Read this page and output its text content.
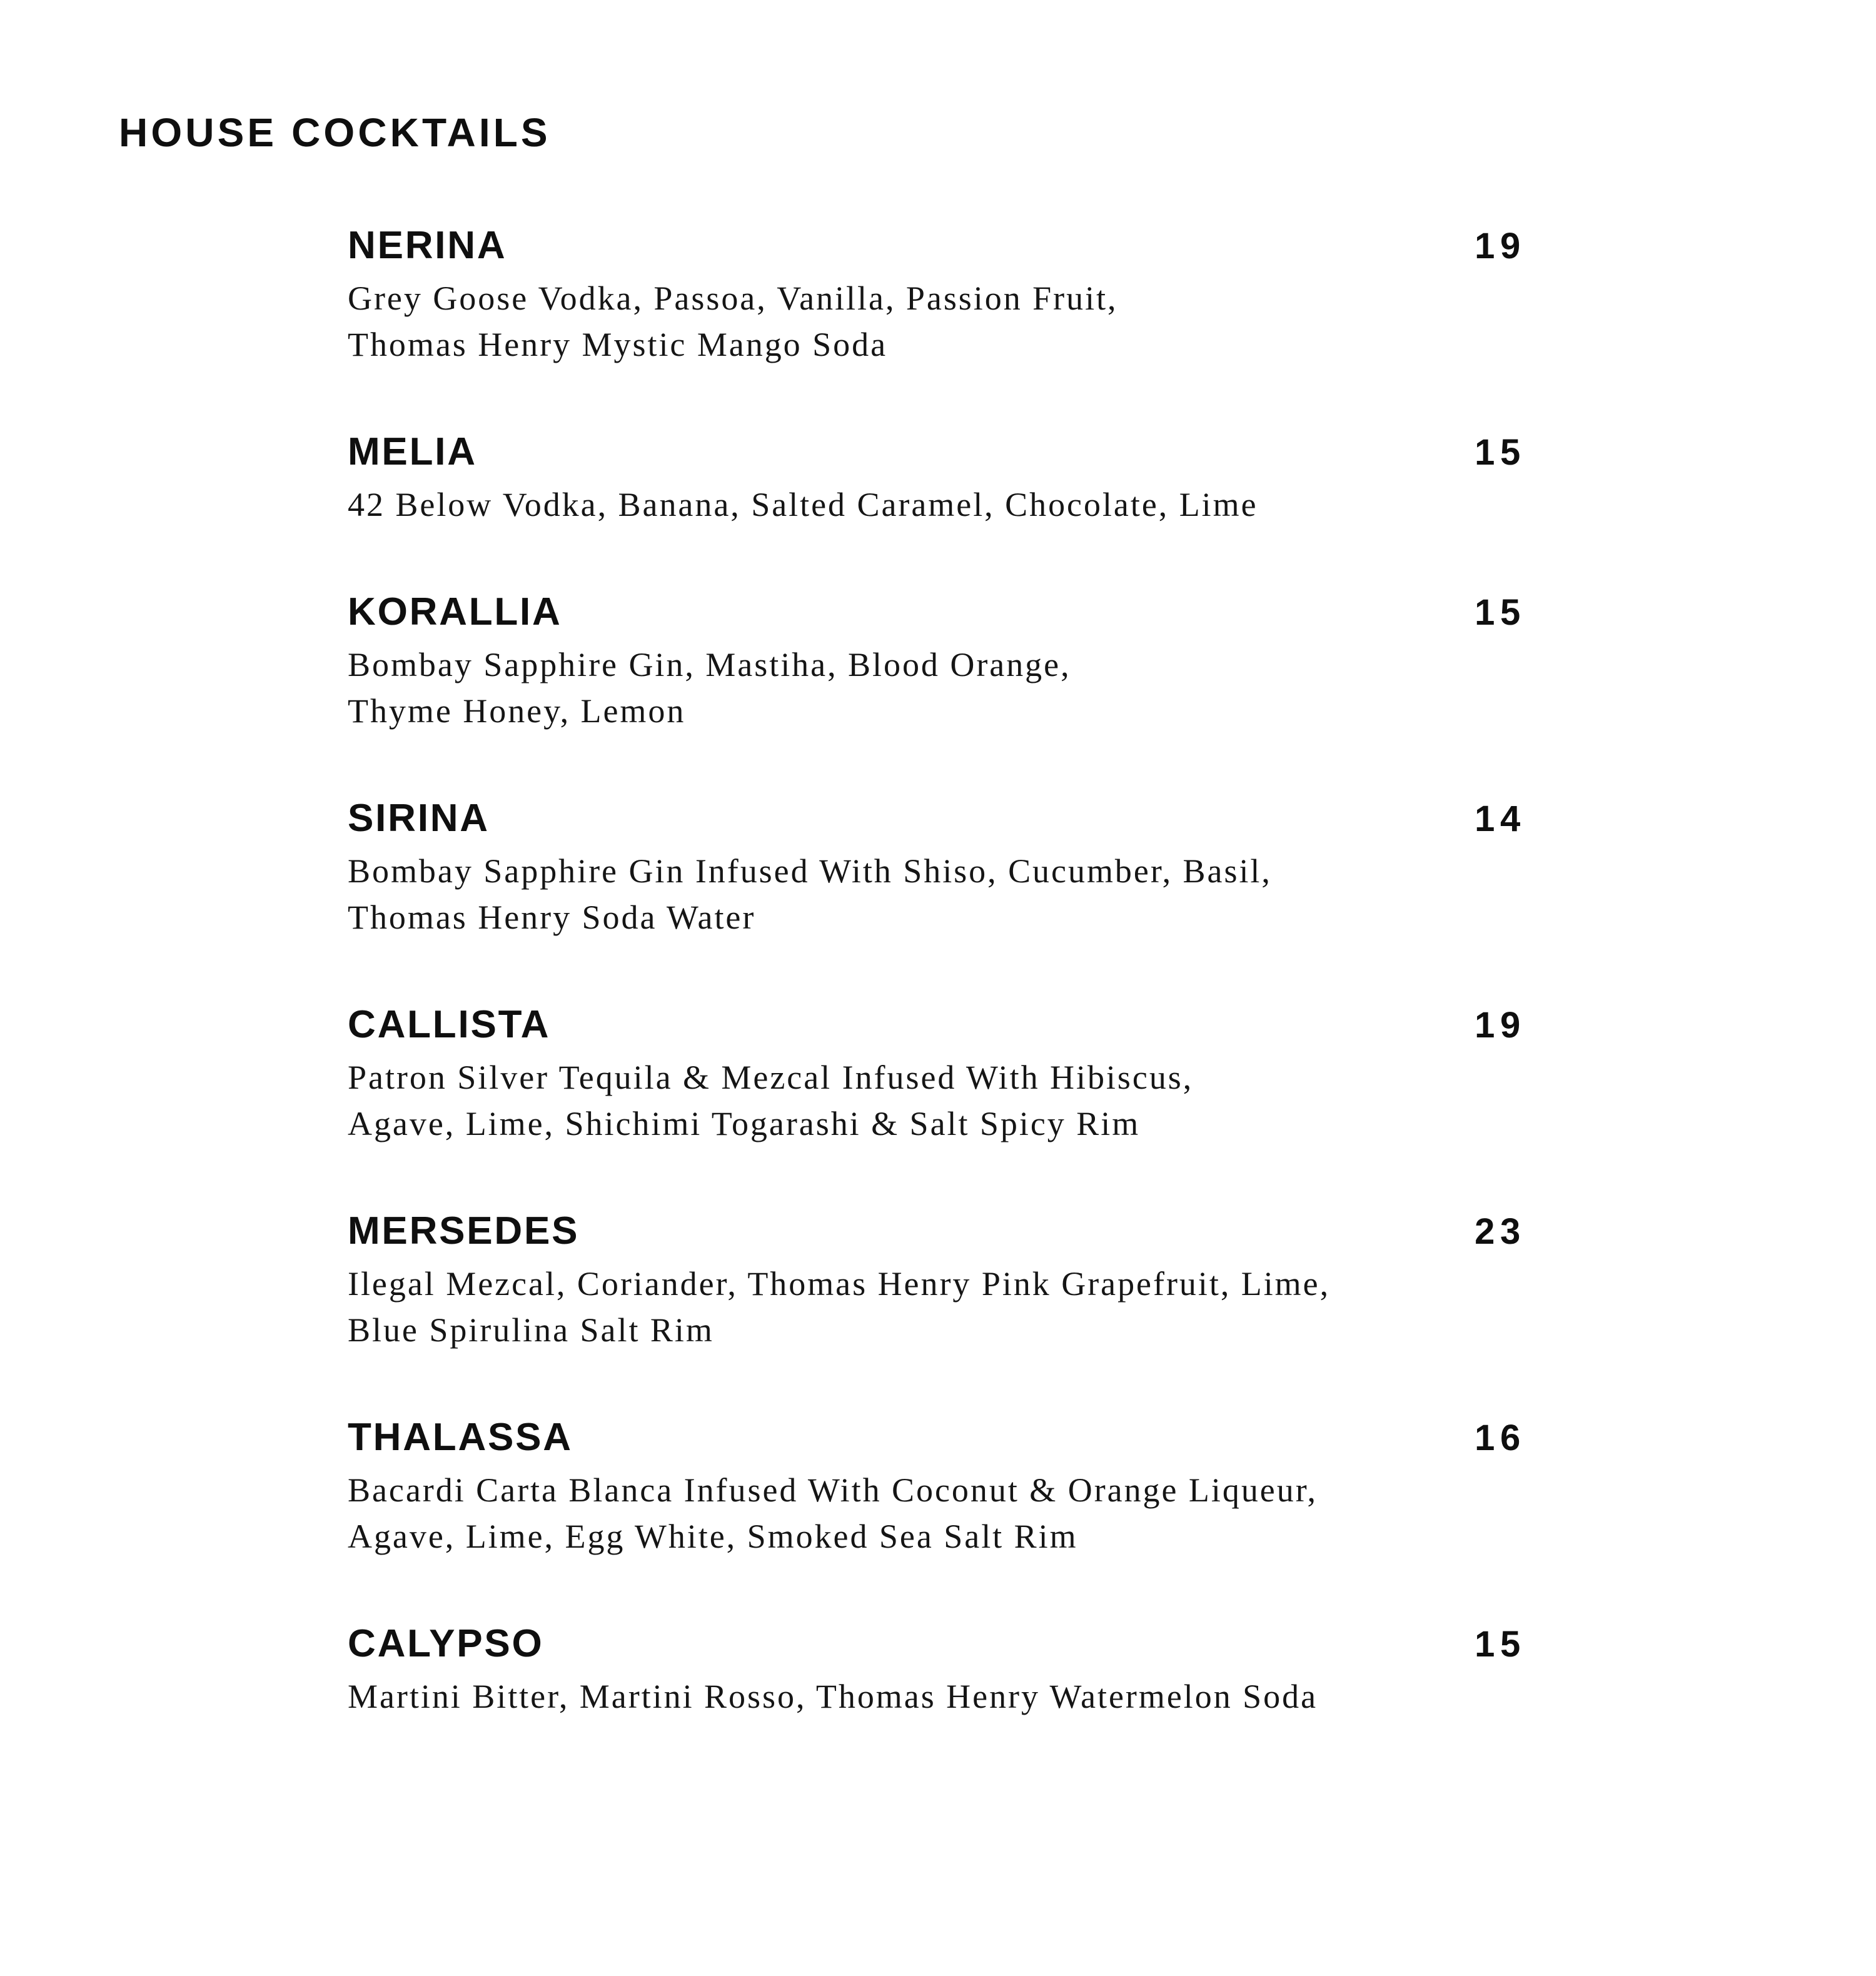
HOUSE COCKTAILS
NERINA	19
Grey Goose Vodka, Passoa, Vanilla, Passion Fruit,
Thomas Henry Mystic Mango Soda
MELIA	15
42 Below Vodka, Banana, Salted Caramel, Chocolate, Lime
KORALLIA	15
Bombay Sapphire Gin, Mastiha, Blood Orange,
Thyme Honey, Lemon
SIRINA	14
Bombay Sapphire Gin Infused With Shiso, Cucumber, Basil,
Thomas Henry Soda Water
CALLISTA	19
Patron Silver Tequila & Mezcal Infused With Hibiscus,
Agave, Lime, Shichimi Togarashi & Salt Spicy Rim
MERSEDES	23
Ilegal Mezcal, Coriander, Thomas Henry Pink Grapefruit, Lime,
Blue Spirulina Salt Rim
THALASSA	16
Bacardi Carta Blanca Infused With Coconut & Orange Liqueur,
Agave, Lime, Egg White, Smoked Sea Salt Rim
CALYPSO	15
Martini Bitter, Martini Rosso, Thomas Henry Watermelon Soda
